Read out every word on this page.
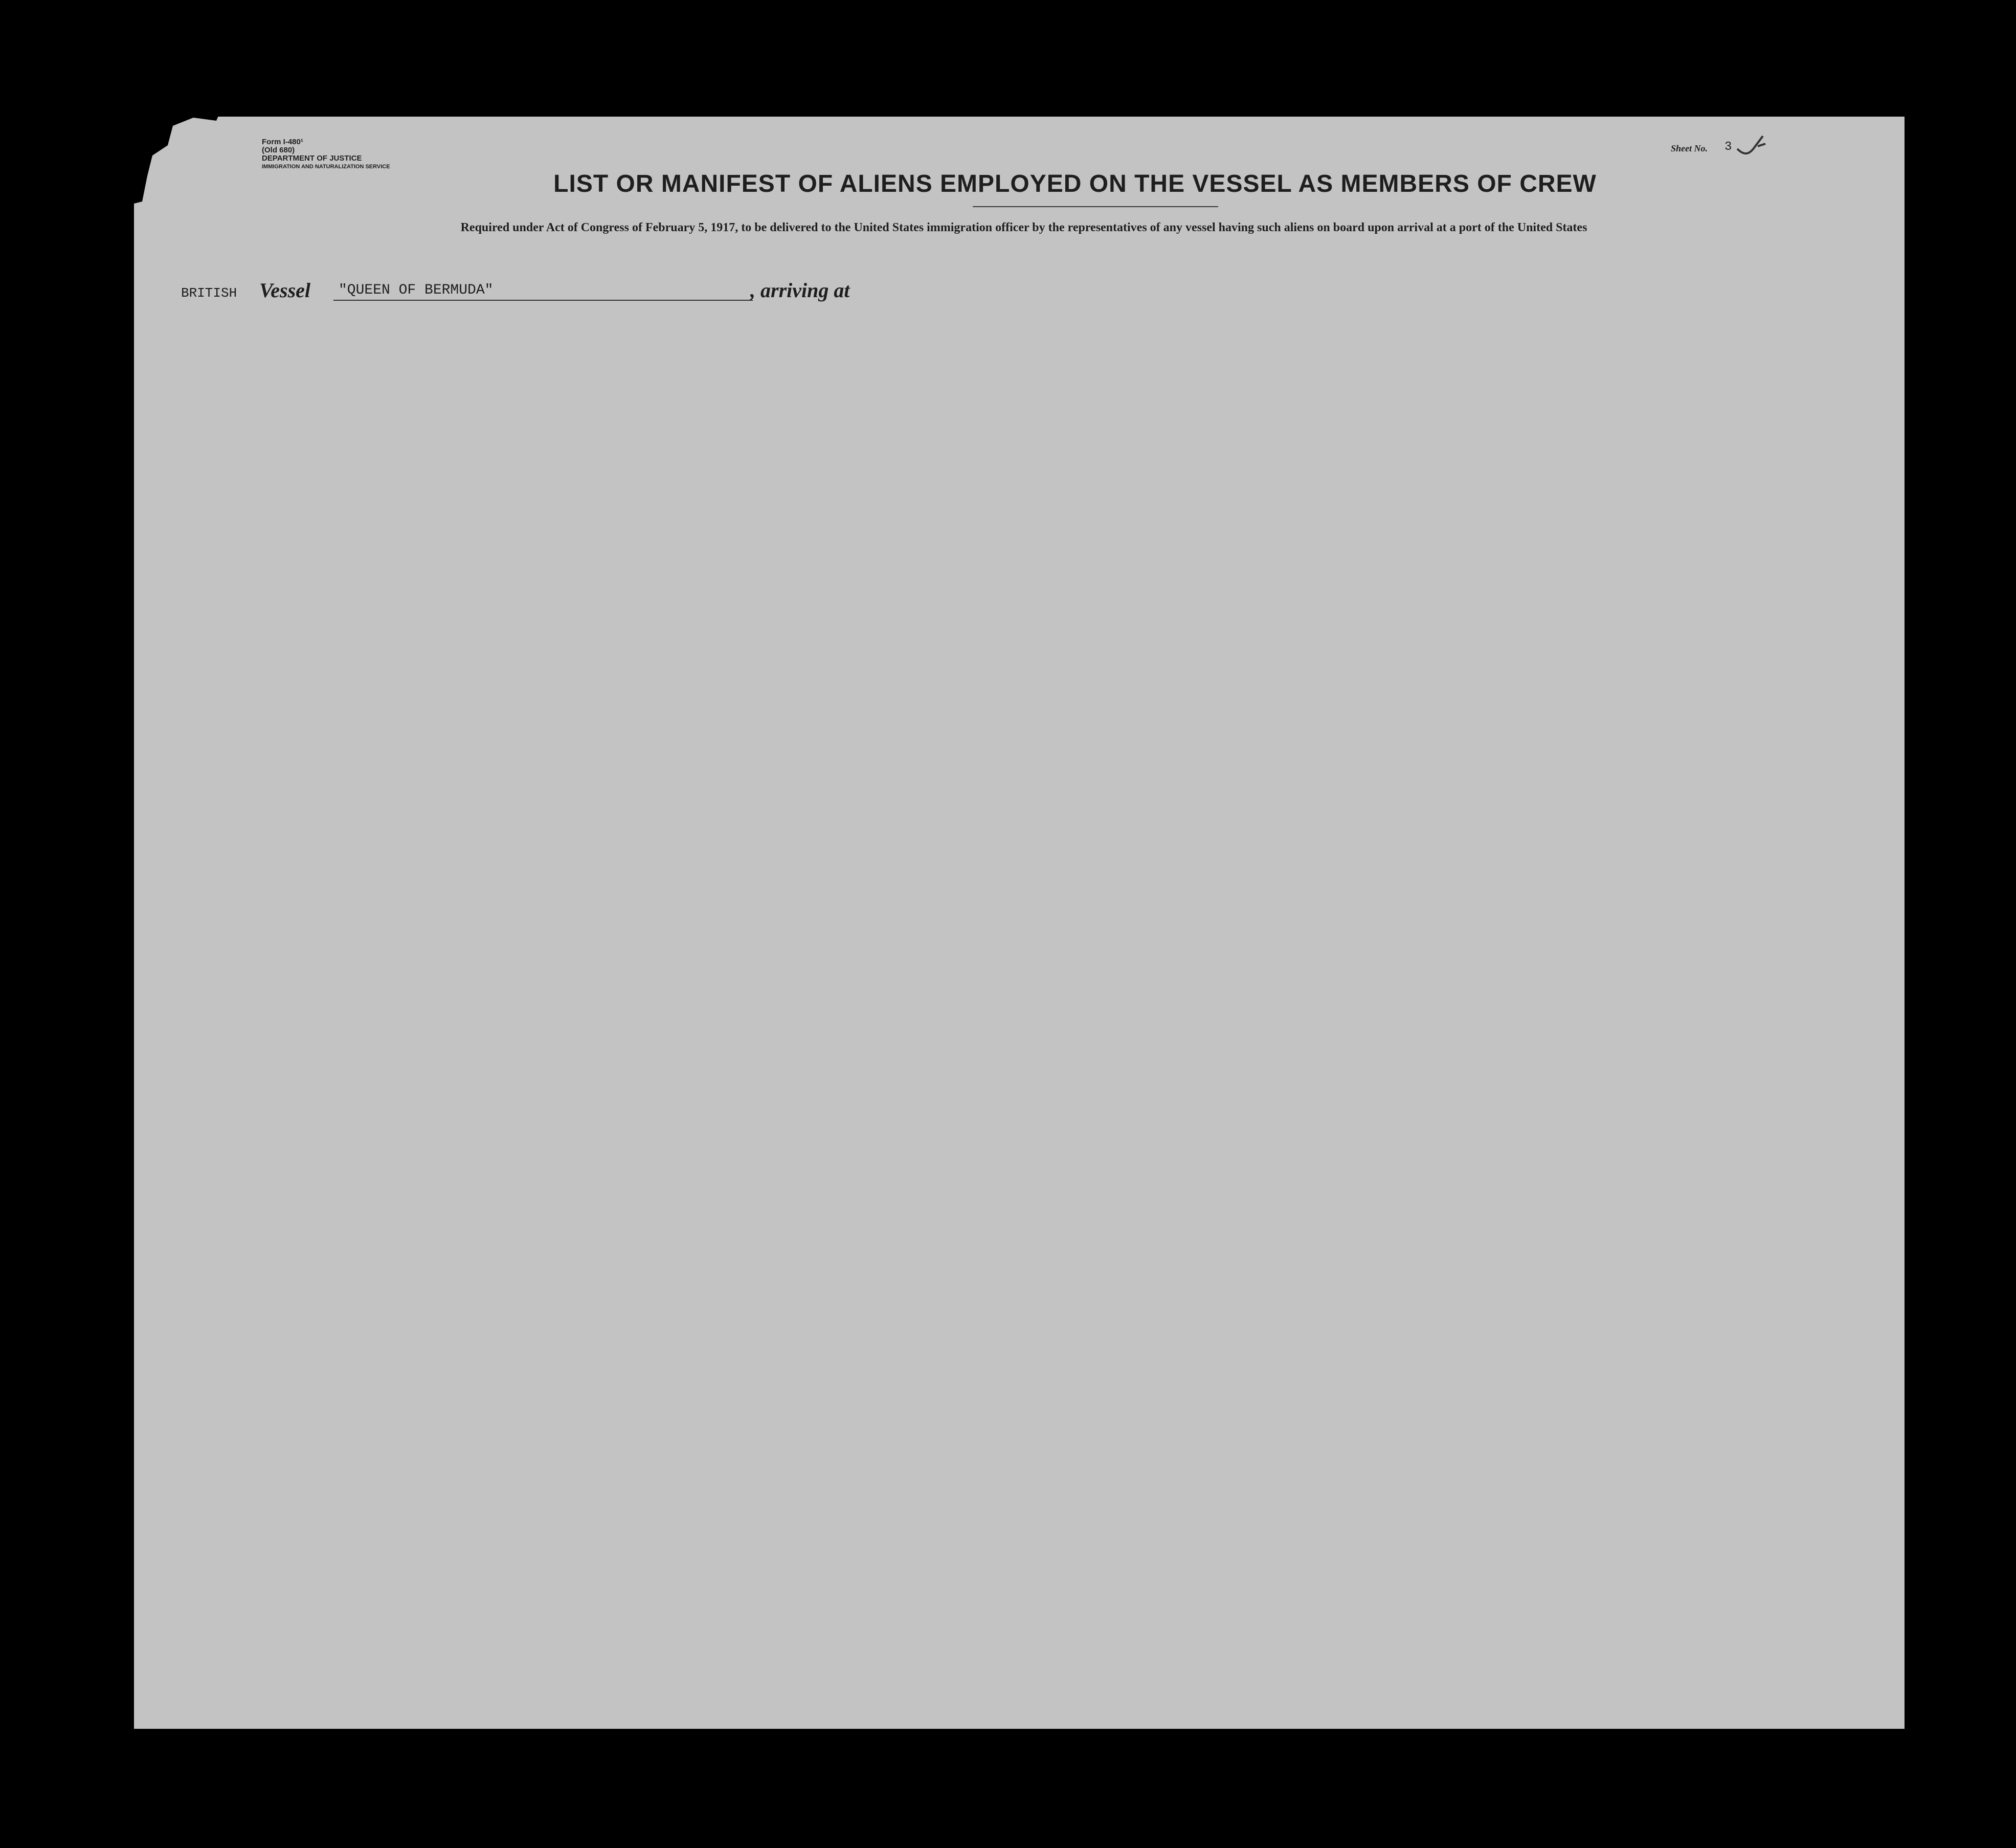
Form I-480¹
(Old 680)
DEPARTMENT OF JUSTICE
IMMIGRATION AND NATURALIZATION SERVICE
Sheet No. 3
LIST OR MANIFEST OF ALIENS EMPLOYED ON THE VESSEL AS MEMBERS OF CREW
Required under Act of Congress of February 5, 1917, to be delivered to the United States immigration officer by the representatives of any vessel having such aliens on board upon arrival at a port of the United States
BRITISH Vessel "QUEEN OF BERMUDA"	, arriving at
